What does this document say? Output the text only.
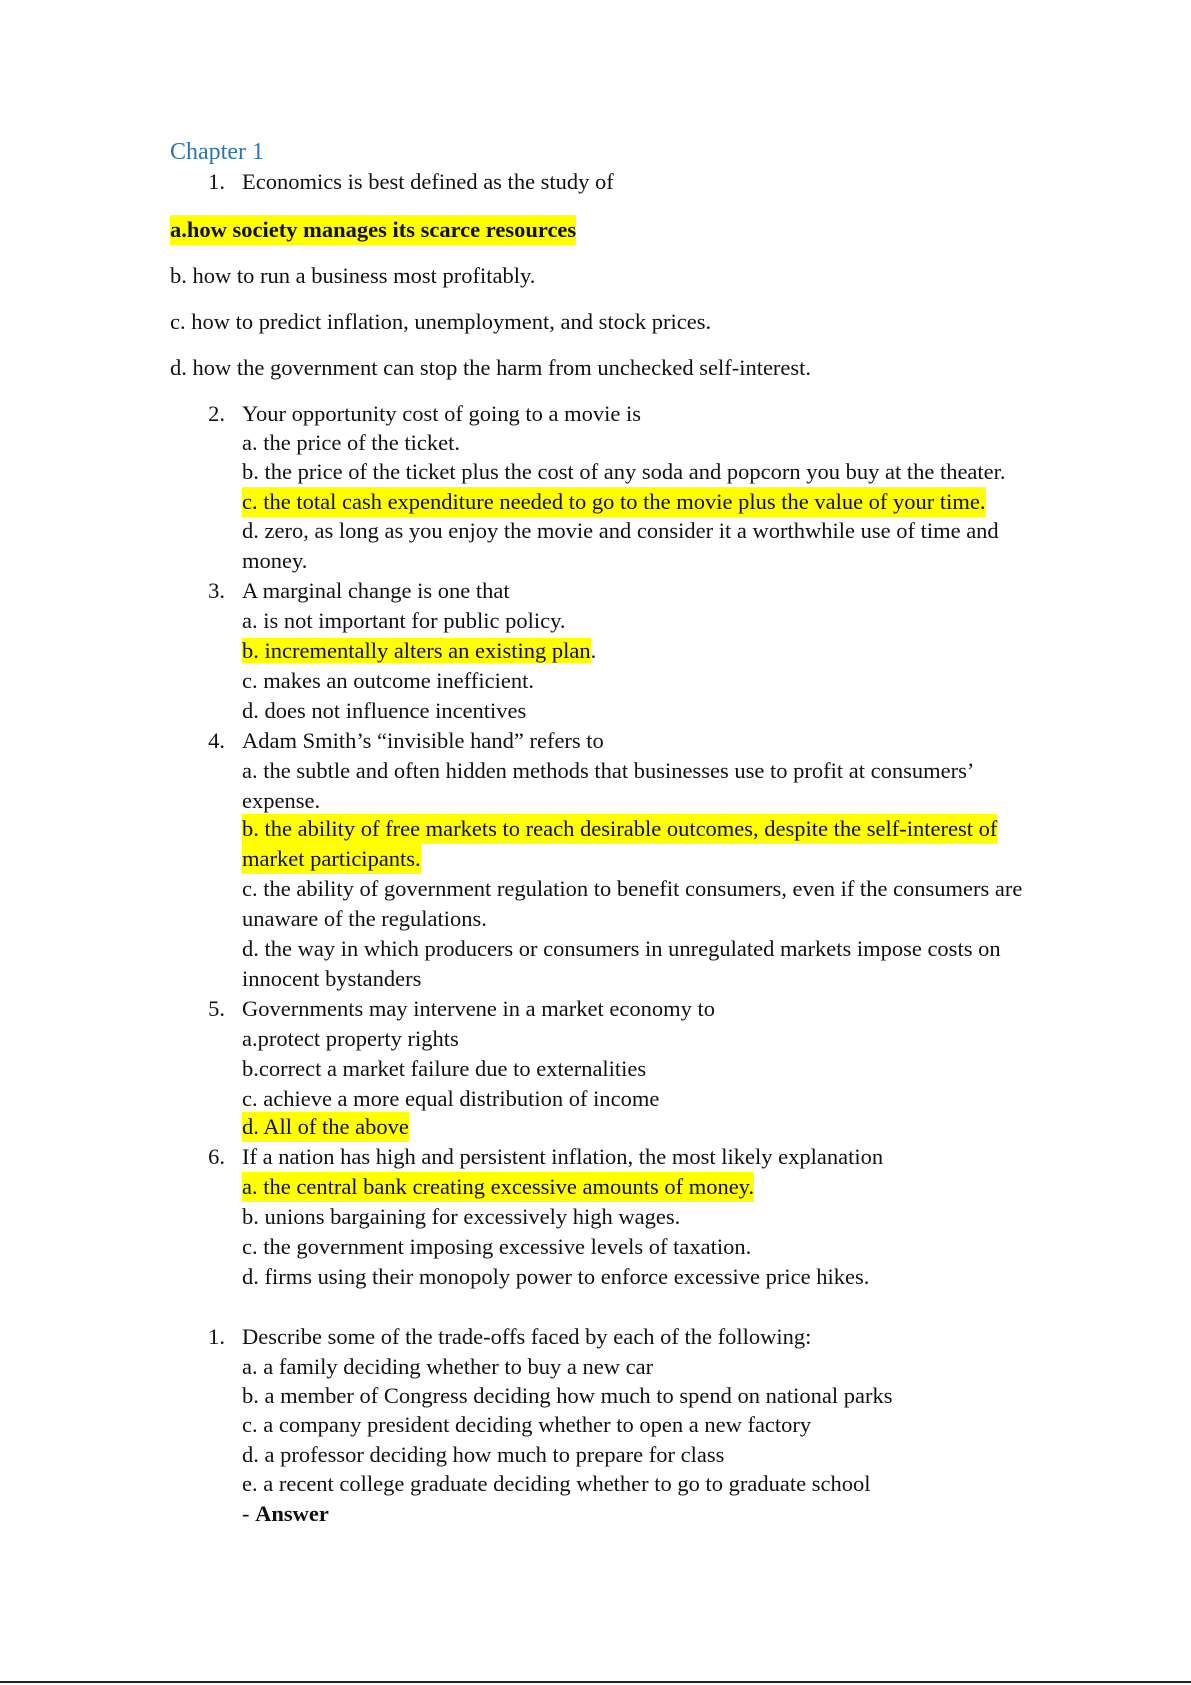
Chapter 1
1. Economics is best defined as the study of
a.how society manages its scarce resources
b. how to run a business most profitably.
c. how to predict inflation, unemployment, and stock prices.
d. how the government can stop the harm from unchecked self-interest.
2. Your opportunity cost of going to a movie is
a. the price of the ticket.
b. the price of the ticket plus the cost of any soda and popcorn you buy at the theater.
c. the total cash expenditure needed to go to the movie plus the value of your time.
d. zero, as long as you enjoy the movie and consider it a worthwhile use of time and
money.
3. A marginal change is one that
a. is not important for public policy.
b. incrementally alters an existing plan.
c. makes an outcome inefficient.
d. does not influence incentives
4. Adam Smith’s “invisible hand” refers to
a. the subtle and often hidden methods that businesses use to profit at consumers’
expense.
b. the ability of free markets to reach desirable outcomes, despite the self-interest of
market participants.
c. the ability of government regulation to benefit consumers, even if the consumers are
unaware of the regulations.
d. the way in which producers or consumers in unregulated markets impose costs on
innocent bystanders
5. Governments may intervene in a market economy to
a.protect property rights
b.correct a market failure due to externalities
c. achieve a more equal distribution of income
d. All of the above
6. If a nation has high and persistent inflation, the most likely explanation
a. the central bank creating excessive amounts of money.
b. unions bargaining for excessively high wages.
c. the government imposing excessive levels of taxation.
d. firms using their monopoly power to enforce excessive price hikes.
1. Describe some of the trade-offs faced by each of the following:
a. a family deciding whether to buy a new car
b. a member of Congress deciding how much to spend on national parks
c. a company president deciding whether to open a new factory
d. a professor deciding how much to prepare for class
e. a recent college graduate deciding whether to go to graduate school
- Answer
